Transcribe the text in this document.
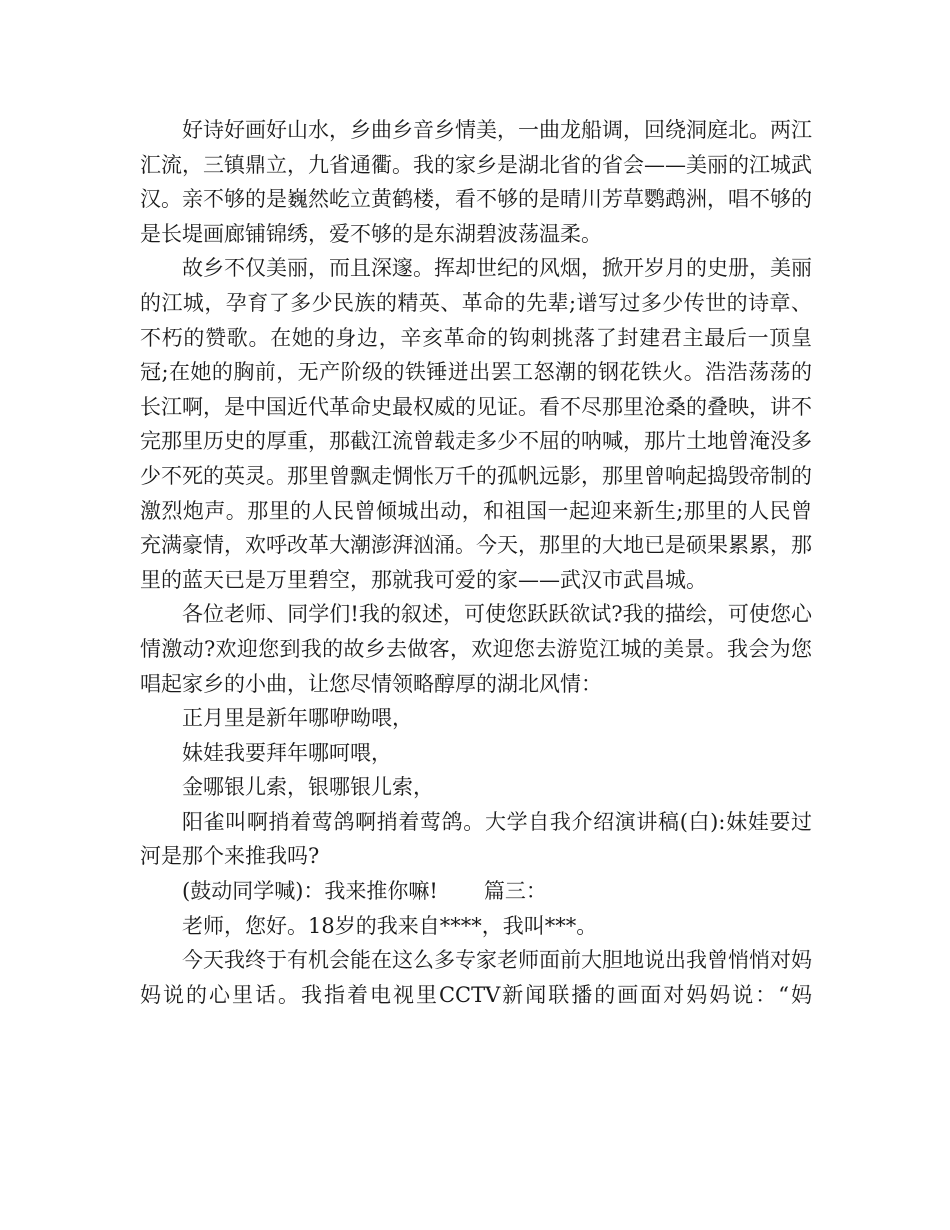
好诗好画好山水，乡曲乡音乡情美，一曲龙船调，回绕洞庭北。两江汇流，三镇鼎立，九省通衢。我的家乡是湖北省的省会——美丽的江城武汉。亲不够的是巍然屹立黄鹤楼，看不够的是晴川芳草鹦鹉洲，唱不够的是长堤画廊铺锦绣，爱不够的是东湖碧波荡温柔。

故乡不仅美丽，而且深邃。挥却世纪的风烟，掀开岁月的史册，美丽的江城，孕育了多少民族的精英、革命的先辈;谱写过多少传世的诗章、不朽的赞歌。在她的身边，辛亥革命的钩刺挑落了封建君主最后一顶皇冠;在她的胸前，无产阶级的铁锤迸出罢工怒潮的钢花铁火。浩浩荡荡的长江啊，是中国近代革命史最权威的见证。看不尽那里沧桑的叠映，讲不完那里历史的厚重，那截江流曾载走多少不屈的呐喊，那片土地曾淹没多少不死的英灵。那里曾飘走惆怅万千的孤帆远影，那里曾响起捣毁帝制的激烈炮声。那里的人民曾倾城出动，和祖国一起迎来新生;那里的人民曾充满豪情，欢呼改革大潮澎湃汹涌。今天，那里的大地已是硕果累累，那里的蓝天已是万里碧空，那就我可爱的家——武汉市武昌城。

各位老师、同学们!我的叙述，可使您跃跃欲试?我的描绘，可使您心情激动?欢迎您到我的故乡去做客，欢迎您去游览江城的美景。我会为您唱起家乡的小曲，让您尽情领略醇厚的湖北风情：

正月里是新年哪咿呦喂，

妹娃我要拜年哪呵喂，

金哪银儿索，银哪银儿索，

阳雀叫啊捎着莺鸽啊捎着莺鸽。大学自我介绍演讲稿(白):妹娃要过河是那个来推我吗?

(鼓动同学喊)：我来推你嘛! 篇三：

老师，您好。18岁的我来自****，我叫***。

今天我终于有机会能在这么多专家老师面前大胆地说出我曾悄悄对妈妈说的心里话。我指着电视里CCTV新闻联播的画面对妈妈说：“妈
